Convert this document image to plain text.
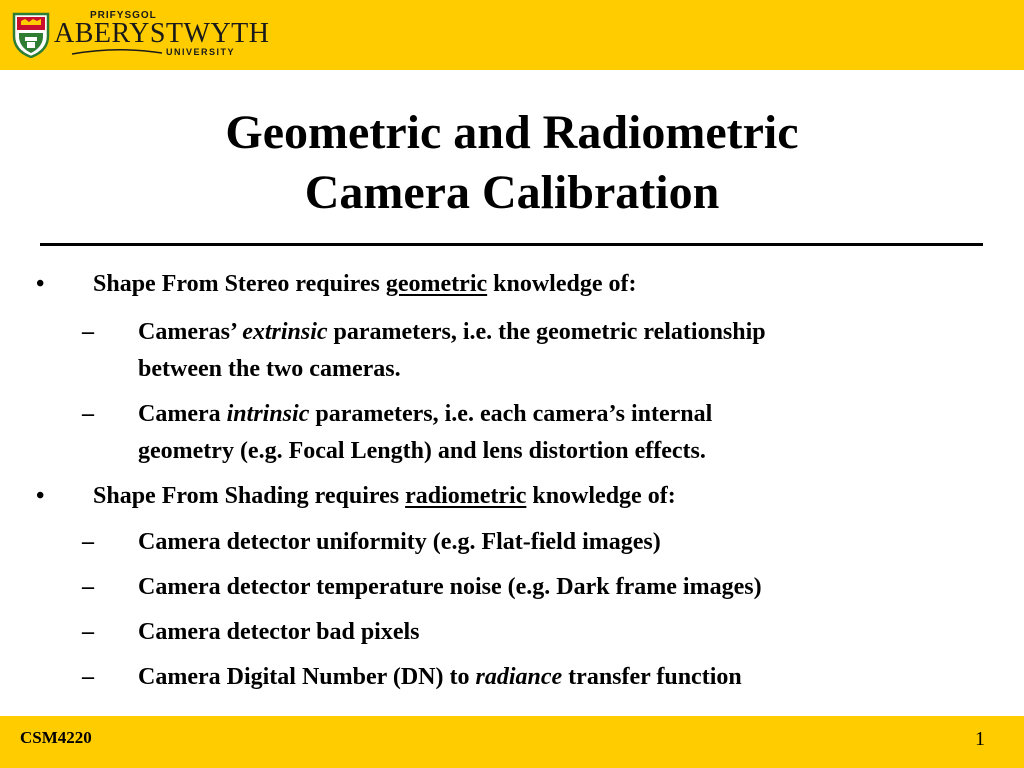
PRIFYSGOL
ABERYSTWYTH
UNIVERSITY
Geometric and Radiometric
Camera Calibration
• Shape From Stereo requires geometric knowledge of:
– Cameras’ extrinsic parameters, i.e. the geometric relationship
between the two cameras.
– Camera intrinsic parameters, i.e. each camera’s internal
geometry (e.g. Focal Length) and lens distortion effects.
• Shape From Shading requires radiometric knowledge of:
– Camera detector uniformity (e.g. Flat-field images)
– Camera detector temperature noise (e.g. Dark frame images)
– Camera detector bad pixels
– Camera Digital Number (DN) to radiance transfer function
CSM4220	1
